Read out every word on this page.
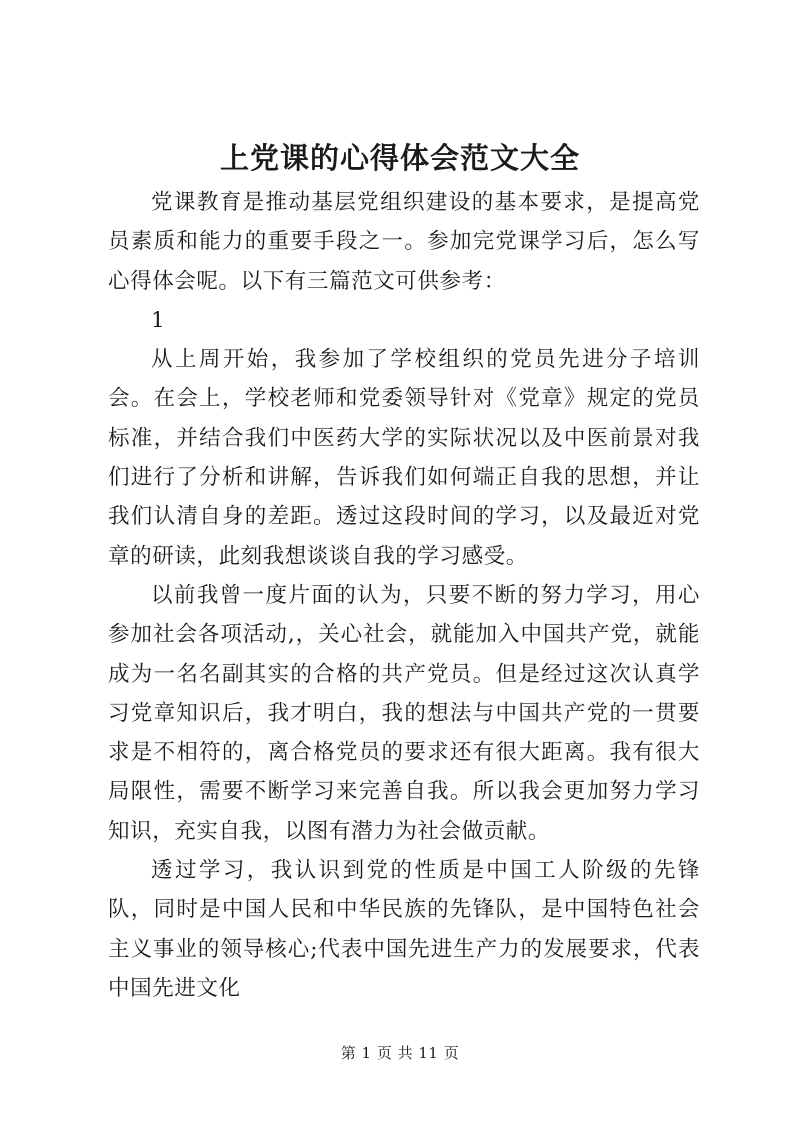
上党课的心得体会范文大全

党课教育是推动基层党组织建设的基本要求，是提高党员素质和能力的重要手段之一。参加完党课学习后，怎么写心得体会呢。以下有三篇范文可供参考：

1

从上周开始，我参加了学校组织的党员先进分子培训会。在会上，学校老师和党委领导针对《党章》规定的党员标准，并结合我们中医药大学的实际状况以及中医前景对我们进行了分析和讲解，告诉我们如何端正自我的思想，并让我们认清自身的差距。透过这段时间的学习，以及最近对党章的研读，此刻我想谈谈自我的学习感受。

以前我曾一度片面的认为，只要不断的努力学习，用心参加社会各项活动,，关心社会，就能加入中国共产党，就能成为一名名副其实的合格的共产党员。但是经过这次认真学习党章知识后，我才明白，我的想法与中国共产党的一贯要求是不相符的，离合格党员的要求还有很大距离。我有很大局限性，需要不断学习来完善自我。所以我会更加努力学习知识，充实自我，以图有潜力为社会做贡献。

透过学习，我认识到党的性质是中国工人阶级的先锋队，同时是中国人民和中华民族的先锋队，是中国特色社会主义事业的领导核心;代表中国先进生产力的发展要求，代表中国先进文化

第 1 页 共 11 页
